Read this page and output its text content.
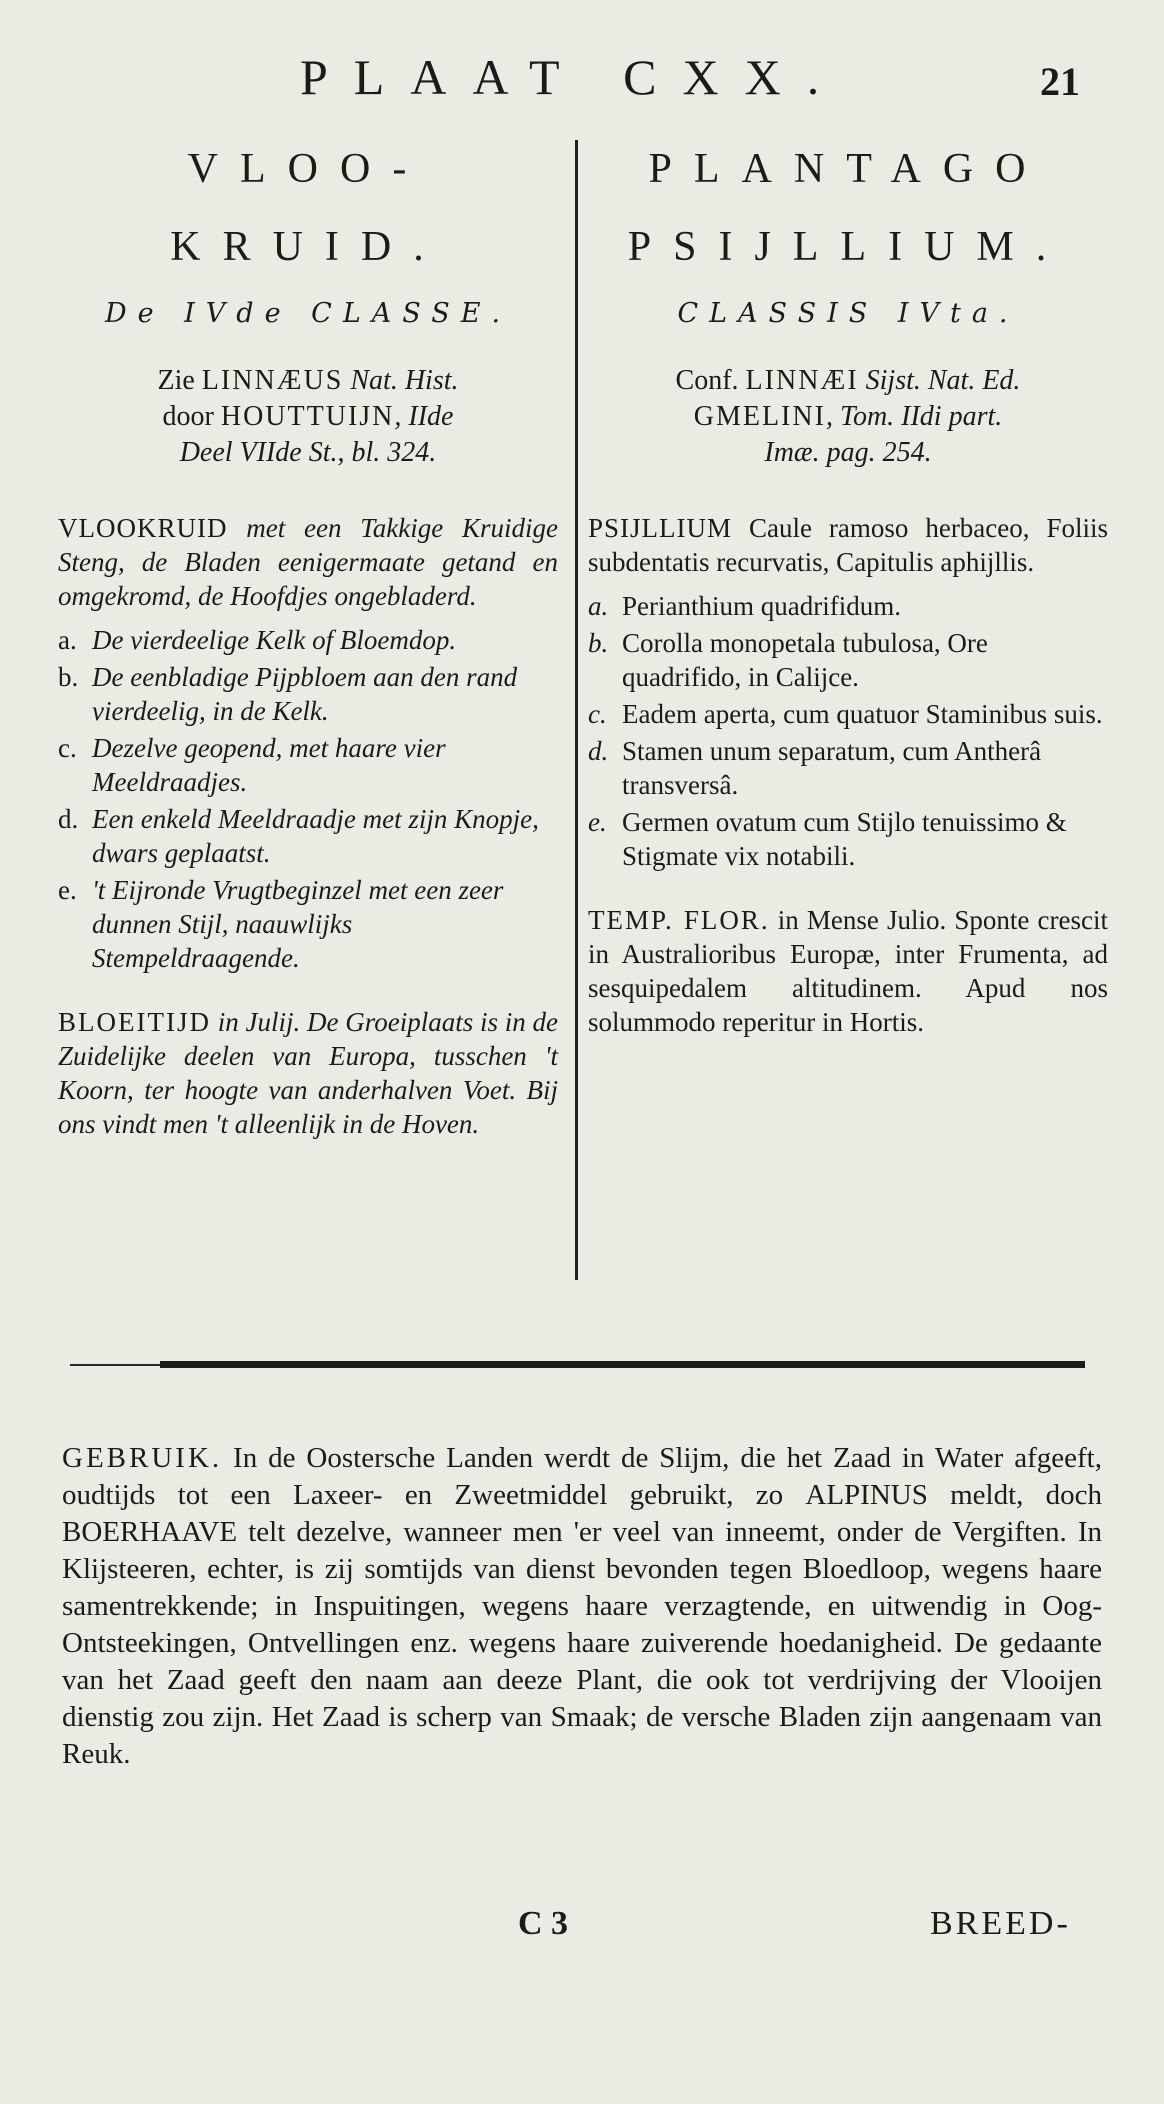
PLAAT CXX.	21
VLOO-
KRUID.
De IVde CLASSE.
Zie LINNÆUS Nat. Hist.
door HOUTTUIJN, IIde
Deel VIIde St., bl. 324.
VLOOKRUID met een Takkige Kruidige Steng, de Bladen eenigermaate getand en omgekromd, de Hoofdjes ongebladerd.
a. De vierdeelige Kelk of Bloemdop.
b. De eenbladige Pijpbloem aan den rand vierdeelig, in de Kelk.
c. Dezelve geopend, met haare vier Meeldraadjes.
d. Een enkeld Meeldraadje met zijn Knopje, dwars geplaatst.
e. 't Eijronde Vrugtbeginzel met een zeer dunnen Stijl, naauwlijks Stempeldraagende.
BLOEITIJD in Julij. De Groeiplaats is in de Zuidelijke deelen van Europa, tusschen 't Koorn, ter hoogte van anderhalven Voet. Bij ons vindt men 't alleenlijk in de Hoven.
PLANTAGO
PSIJLLIUM.
CLASSIS IVta.
Conf. LINNÆI Sijst. Nat. Ed.
GMELINI, Tom. IIdi part.
Imæ. pag. 254.
PSIJLLIUM Caule ramoso herbaceo, Foliis subdentatis recurvatis, Capitulis aphijllis.
a. Perianthium quadrifidum.
b. Corolla monopetala tubulosa, Ore quadrifido, in Calijce.
c. Eadem aperta, cum quatuor Staminibus suis.
d. Stamen unum separatum, cum Antherâ transversâ.
e. Germen ovatum cum Stijlo tenuissimo & Stigmate vix notabili.
TEMP. FLOR. in Mense Julio. Sponte crescit in Australioribus Europæ, inter Frumenta, ad sesquipedalem altitudinem. Apud nos solummodo reperitur in Hortis.
GEBRUIK. In de Oostersche Landen werdt de Slijm, die het Zaad in Water afgeeft, oudtijds tot een Laxeer- en Zweetmiddel gebruikt, zo ALPINUS meldt, doch BOERHAAVE telt dezelve, wanneer men 'er veel van inneemt, onder de Vergiften. In Klijsteeren, echter, is zij somtijds van dienst bevonden tegen Bloedloop, wegens haare samentrekkende; in Inspuitingen, wegens haare verzagtende, en uitwendig in Oog-Ontsteekingen, Ontvellingen enz. wegens haare zuiverende hoedanigheid. De gedaante van het Zaad geeft den naam aan deeze Plant, die ook tot verdrijving der Vlooijen dienstig zou zijn. Het Zaad is scherp van Smaak; de versche Bladen zijn aangenaam van Reuk.
C 3	BREED-
